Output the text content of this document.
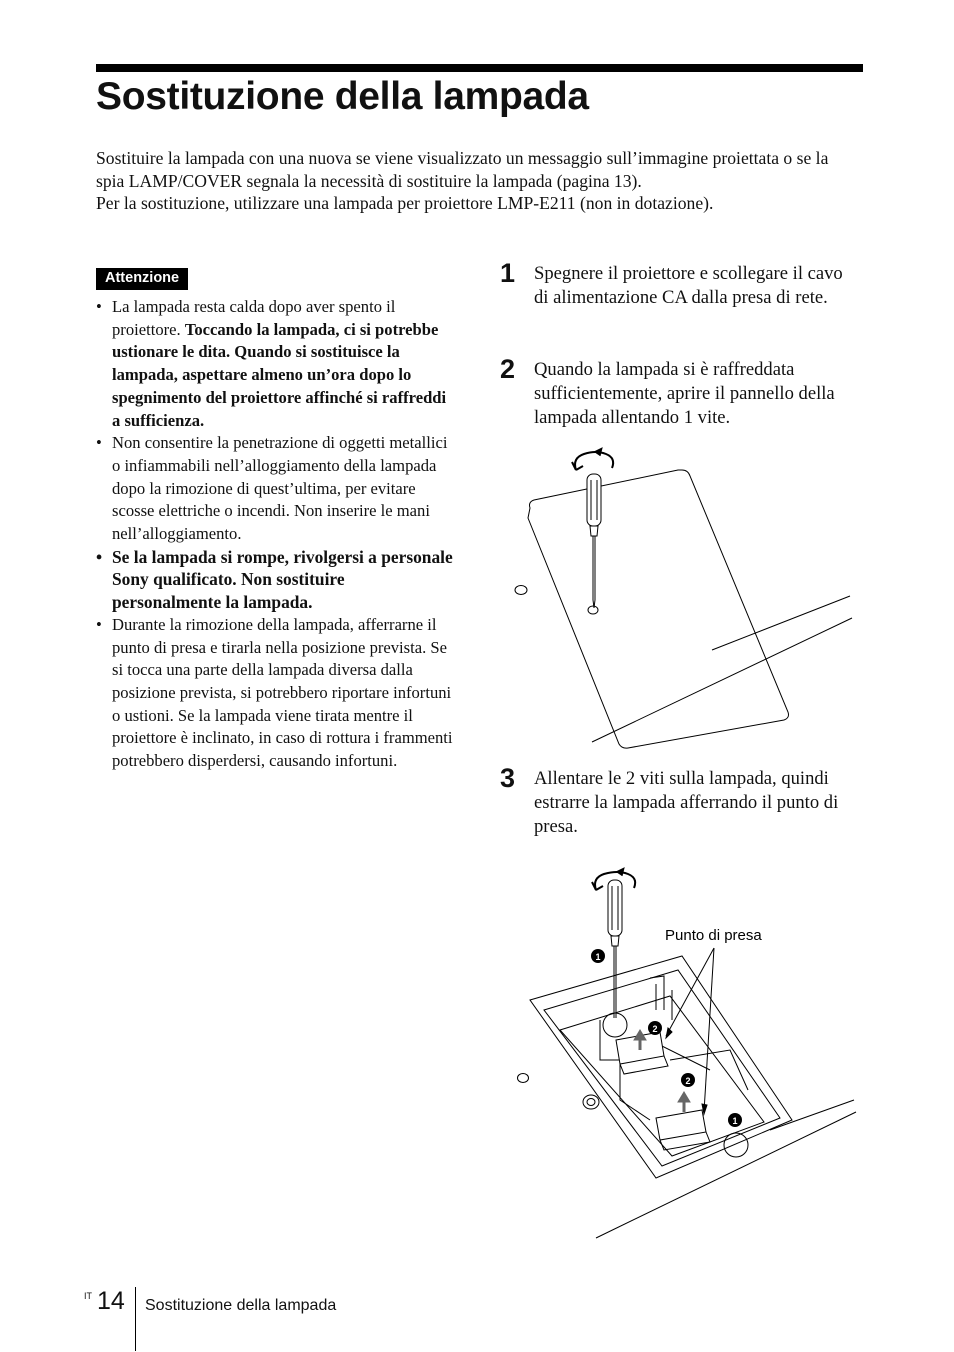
Sostituzione della lampada

Sostituire la lampada con una nuova se viene visualizzato un messaggio sull’immagine proiettata o se la spia LAMP/COVER segnala la necessità di sostituire la lampada (pagina 13).

Per la sostituzione, utilizzare una lampada per proiettore LMP-E211 (non in dotazione).

Attenzione
• La lampada resta calda dopo aver spento il proiettore. Toccando la lampada, ci si potrebbe ustionare le dita. Quando si sostituisce la lampada, aspettare almeno un’ora dopo lo spegnimento del proiettore affinché si raffreddi a sufficienza.
• Non consentire la penetrazione di oggetti metallici o infiammabili nell’alloggiamento della lampada dopo la rimozione di quest’ultima, per evitare scosse elettriche o incendi. Non inserire le mani nell’alloggiamento.
• Se la lampada si rompe, rivolgersi a personale Sony qualificato. Non sostituire personalmente la lampada.
• Durante la rimozione della lampada, afferrarne il punto di presa e tirarla nella posizione prevista. Se si tocca una parte della lampada diversa dalla posizione prevista, si potrebbero riportare infortuni o ustioni. Se la lampada viene tirata mentre il proiettore è inclinato, in caso di rottura i frammenti potrebbero disperdersi, causando infortuni.
1 Spegnere il proiettore e scollegare il cavo di alimentazione CA dalla presa di rete.
2 Quando la lampada si è raffreddata sufficientemente, aprire il pannello della lampada allentando 1 vite.
3 Allentare le 2 viti sulla lampada, quindi estrarre la lampada afferrando il punto di presa.
1
2
2
1
Punto di presa
IT 14 Sostituzione della lampada
